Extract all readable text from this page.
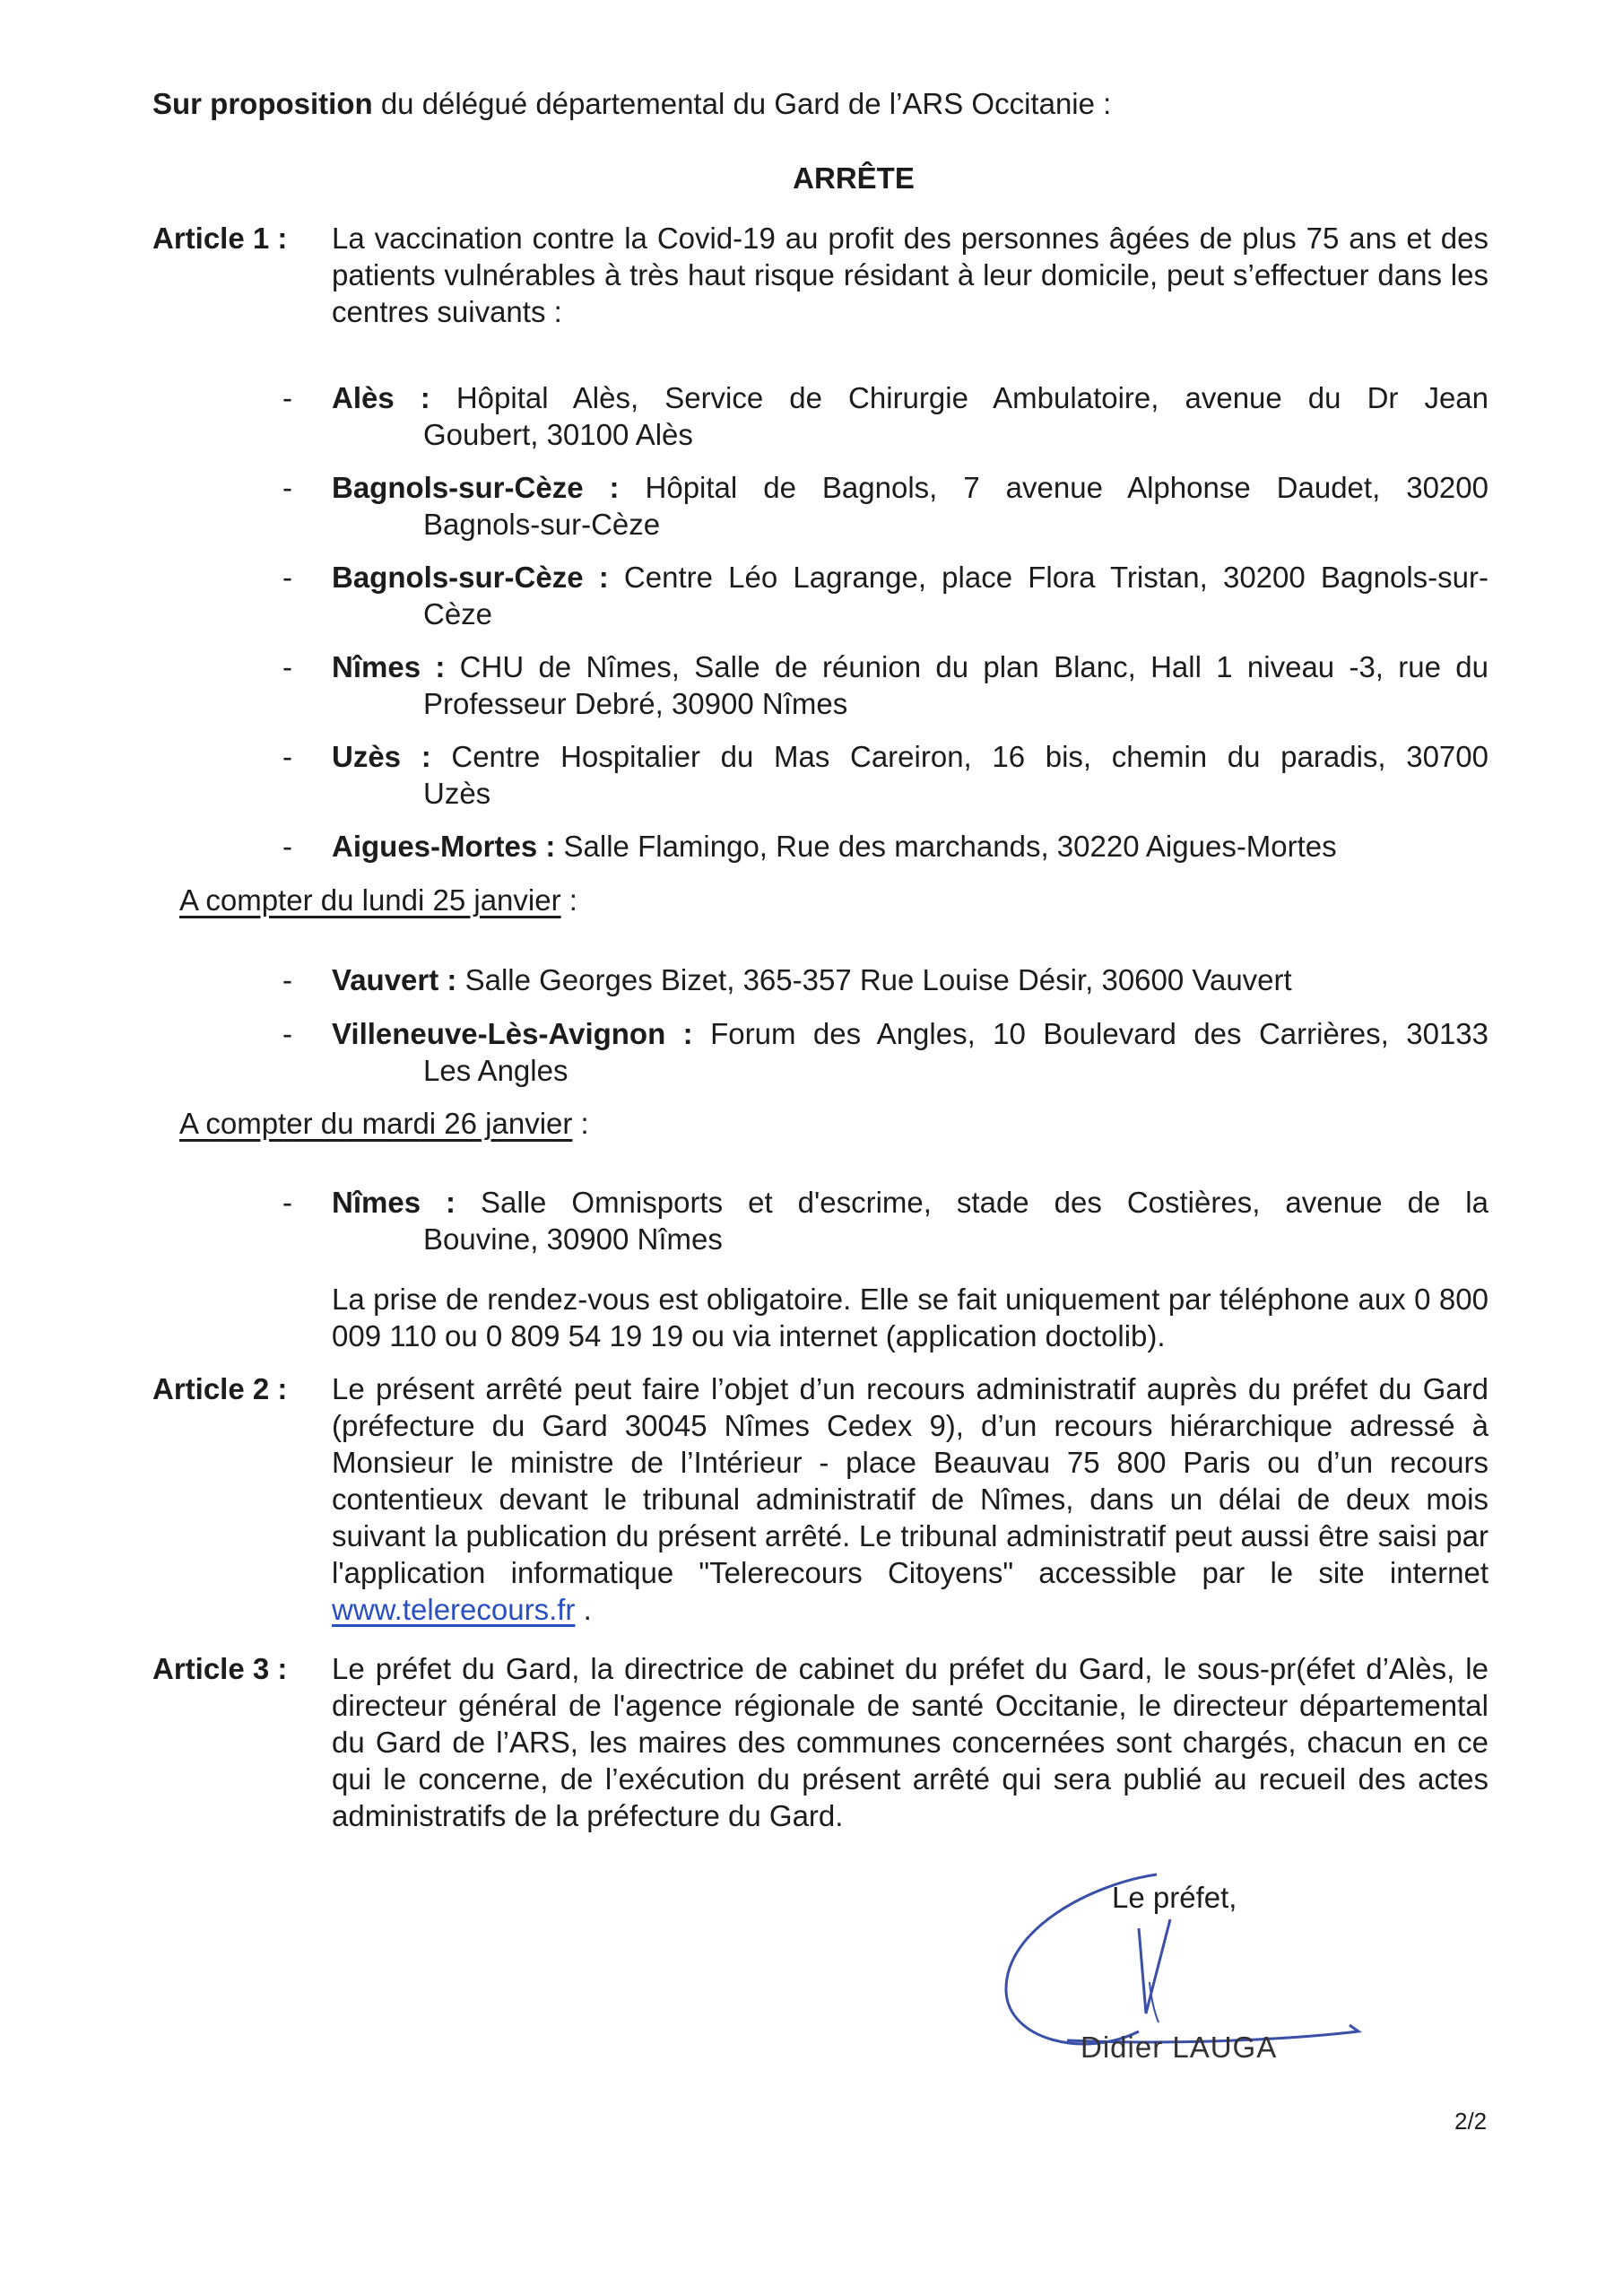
Sur proposition du délégué départemental du Gard de l’ARS Occitanie :
ARRÊTE
Article 1 : La vaccination contre la Covid-19 au profit des personnes âgées de plus 75 ans et des patients vulnérables à très haut risque résidant à leur domicile, peut s’effectuer dans les centres suivants :
- Alès : Hôpital Alès, Service de Chirurgie Ambulatoire, avenue du Dr Jean
Goubert, 30100 Alès
- Bagnols-sur-Cèze : Hôpital de Bagnols, 7 avenue Alphonse Daudet, 30200
Bagnols-sur-Cèze
- Bagnols-sur-Cèze : Centre Léo Lagrange, place Flora Tristan, 30200 Bagnols-sur-
Cèze
- Nîmes : CHU de Nîmes, Salle de réunion du plan Blanc, Hall 1 niveau -3, rue du
Professeur Debré, 30900 Nîmes
- Uzès : Centre Hospitalier du Mas Careiron, 16 bis, chemin du paradis, 30700
Uzès
- Aigues-Mortes : Salle Flamingo, Rue des marchands, 30220 Aigues-Mortes
A compter du lundi 25 janvier :
- Vauvert : Salle Georges Bizet, 365-357 Rue Louise Désir, 30600 Vauvert
- Villeneuve-Lès-Avignon : Forum des Angles, 10 Boulevard des Carrières, 30133
Les Angles
A compter du mardi 26 janvier :
- Nîmes : Salle Omnisports et d'escrime, stade des Costières, avenue de la
Bouvine, 30900 Nîmes
La prise de rendez-vous est obligatoire. Elle se fait uniquement par téléphone aux 0 800 009 110 ou 0 809 54 19 19 ou via internet (application doctolib).
Article 2 : Le présent arrêté peut faire l’objet d’un recours administratif auprès du préfet du Gard (préfecture du Gard 30045 Nîmes Cedex 9), d’un recours hiérarchique adressé à Monsieur le ministre de l’Intérieur - place Beauvau 75 800 Paris ou d’un recours contentieux devant le tribunal administratif de Nîmes, dans un délai de deux mois suivant la publication du présent arrêté. Le tribunal administratif peut aussi être saisi par l'application informatique "Telerecours Citoyens" accessible par le site internet www.telerecours.fr .
Article 3 : Le préfet du Gard, la directrice de cabinet du préfet du Gard, le sous-pr(éfet d’Alès, le directeur général de l'agence régionale de santé Occitanie, le directeur départemental du Gard de l’ARS, les maires des communes concernées sont chargés, chacun en ce qui le concerne, de l’exécution du présent arrêté qui sera publié au recueil des actes administratifs de la préfecture du Gard.
Le préfet,
Didier LAUGA
2/2
